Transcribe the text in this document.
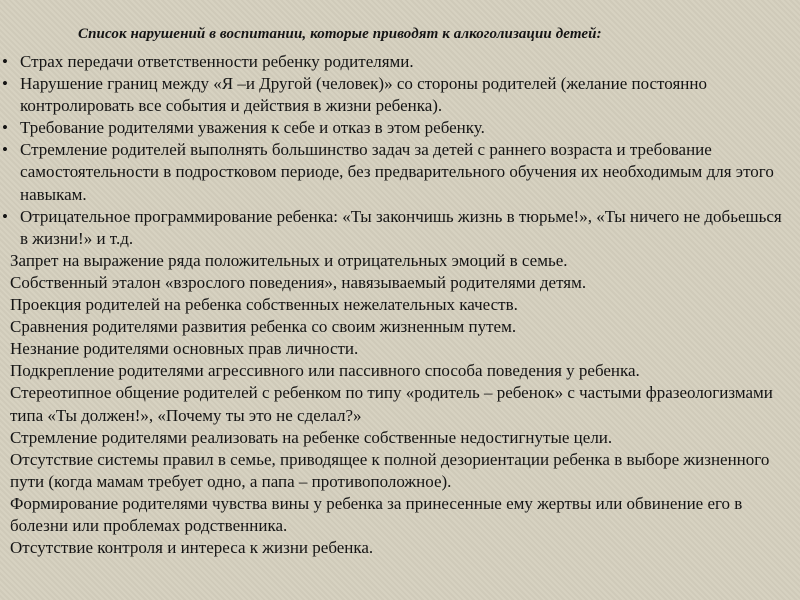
Список нарушений в воспитании, которые приводят к алкоголизации детей:
• Страх передачи ответственности ребенку родителями.
• Нарушение границ между «Я –и Другой (человек)» со стороны родителей (желание постоянно контролировать все события и действия в жизни ребенка).
• Требование родителями уважения к себе и отказ в этом ребенку.
• Стремление родителей выполнять большинство задач за детей с раннего возраста и требование самостоятельности в подростковом периоде, без предварительного обучения их необходимым для этого навыкам.
• Отрицательное программирование ребенка: «Ты закончишь жизнь в тюрьме!», «Ты ничего не добьешься в жизни!» и т.д.
Запрет на выражение ряда положительных и отрицательных эмоций в семье.
Собственный эталон «взрослого поведения», навязываемый родителями детям.
Проекция родителей на ребенка собственных нежелательных качеств.
Сравнения родителями развития ребенка со своим жизненным путем.
Незнание родителями основных прав личности.
Подкрепление родителями агрессивного или пассивного способа поведения у ребенка.
Стереотипное общение родителей с ребенком по типу «родитель – ребенок» с частыми фразеологизмами типа «Ты должен!», «Почему ты это не сделал?»
Стремление родителями реализовать на ребенке собственные недостигнутые цели.
Отсутствие системы правил в семье, приводящее к полной дезориентации ребенка в выборе жизненного пути (когда мамам требует одно, а папа – противоположное).
Формирование родителями чувства вины у ребенка за принесенные ему жертвы или обвинение его в болезни или проблемах родственника.
Отсутствие контроля и интереса к жизни ребенка.
